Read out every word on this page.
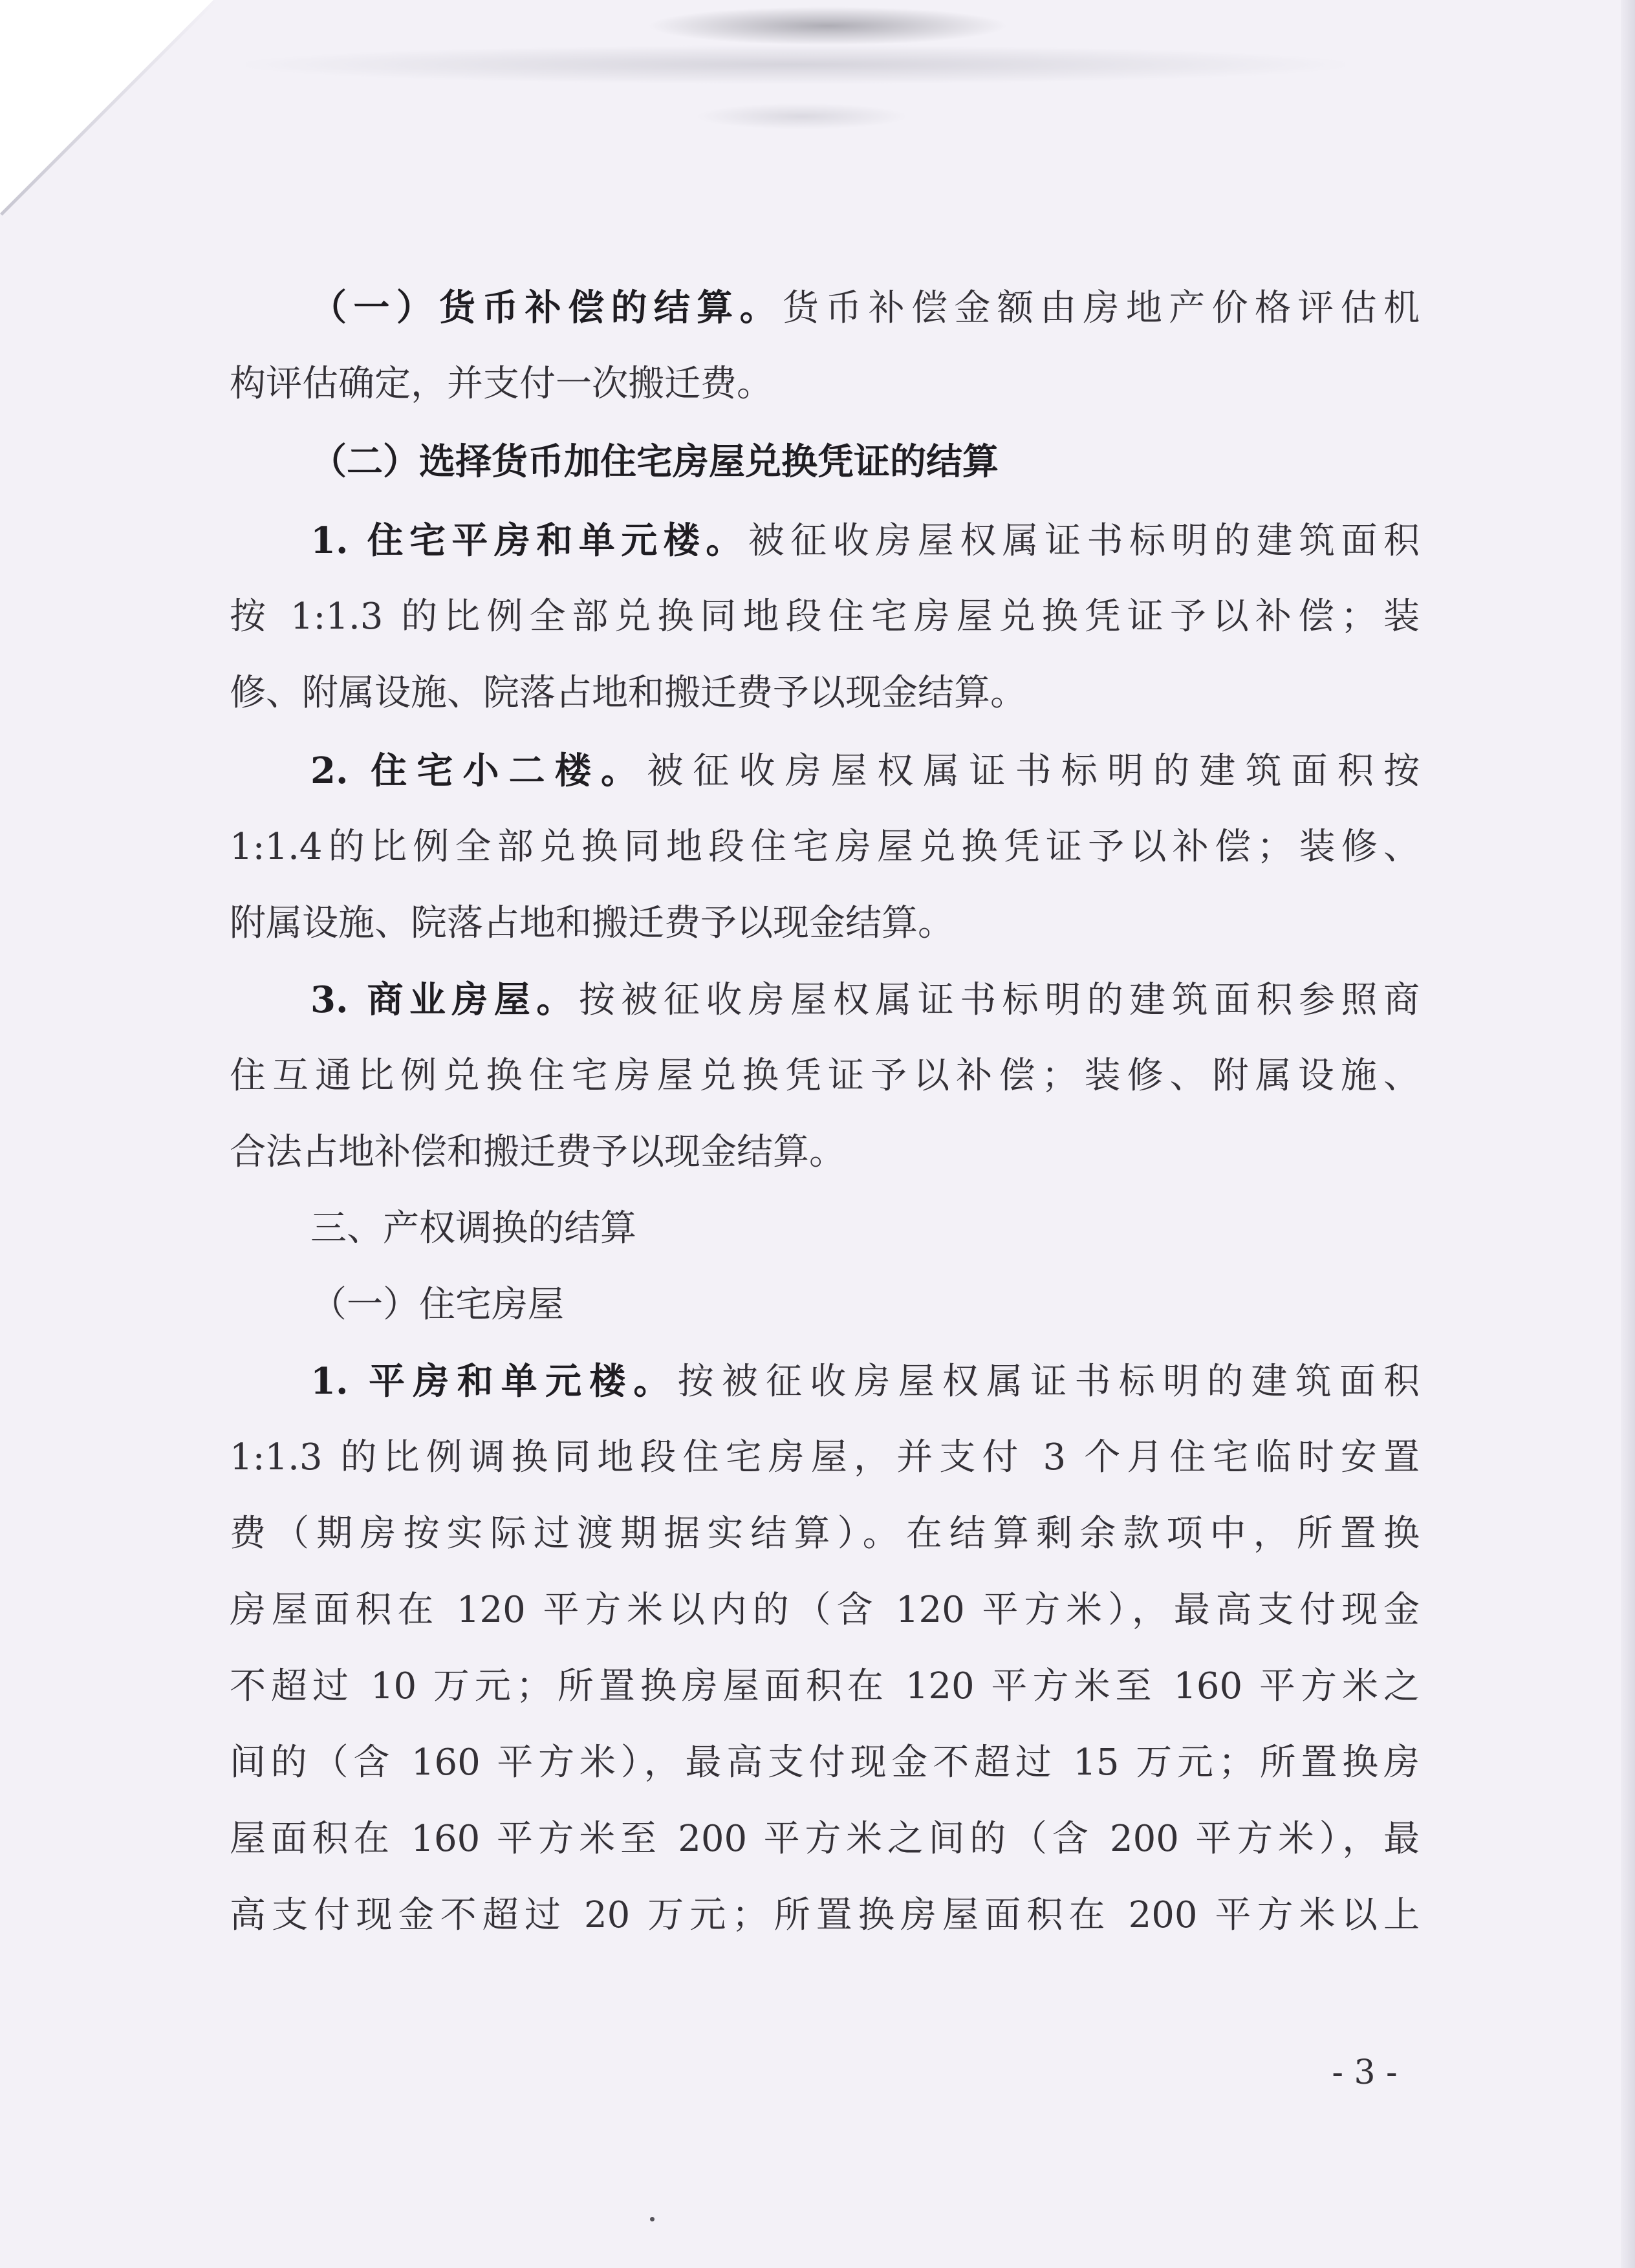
（一）货币补偿的结算。货币补偿金额由房地产价格评估机
构评估确定，并支付一次搬迁费。
（二）选择货币加住宅房屋兑换凭证的结算
1. 住宅平房和单元楼。被征收房屋权属证书标明的建筑面积
按 1:1.3 的比例全部兑换同地段住宅房屋兑换凭证予以补偿；装
修、附属设施、院落占地和搬迁费予以现金结算。
2. 住宅小二楼。被征收房屋权属证书标明的建筑面积按
1:1.4的比例全部兑换同地段住宅房屋兑换凭证予以补偿；装修、
附属设施、院落占地和搬迁费予以现金结算。
3. 商业房屋。按被征收房屋权属证书标明的建筑面积参照商
住互通比例兑换住宅房屋兑换凭证予以补偿；装修、附属设施、
合法占地补偿和搬迁费予以现金结算。
三、产权调换的结算
（一）住宅房屋
1. 平房和单元楼。按被征收房屋权属证书标明的建筑面积
1:1.3 的比例调换同地段住宅房屋，并支付 3 个月住宅临时安置
费（期房按实际过渡期据实结算）。在结算剩余款项中，所置换
房屋面积在 120 平方米以内的（含 120 平方米），最高支付现金
不超过 10 万元；所置换房屋面积在 120 平方米至 160 平方米之
间的（含 160 平方米），最高支付现金不超过 15 万元；所置换房
屋面积在 160 平方米至 200 平方米之间的（含 200 平方米），最
高支付现金不超过 20 万元；所置换房屋面积在 200 平方米以上
- 3 -
